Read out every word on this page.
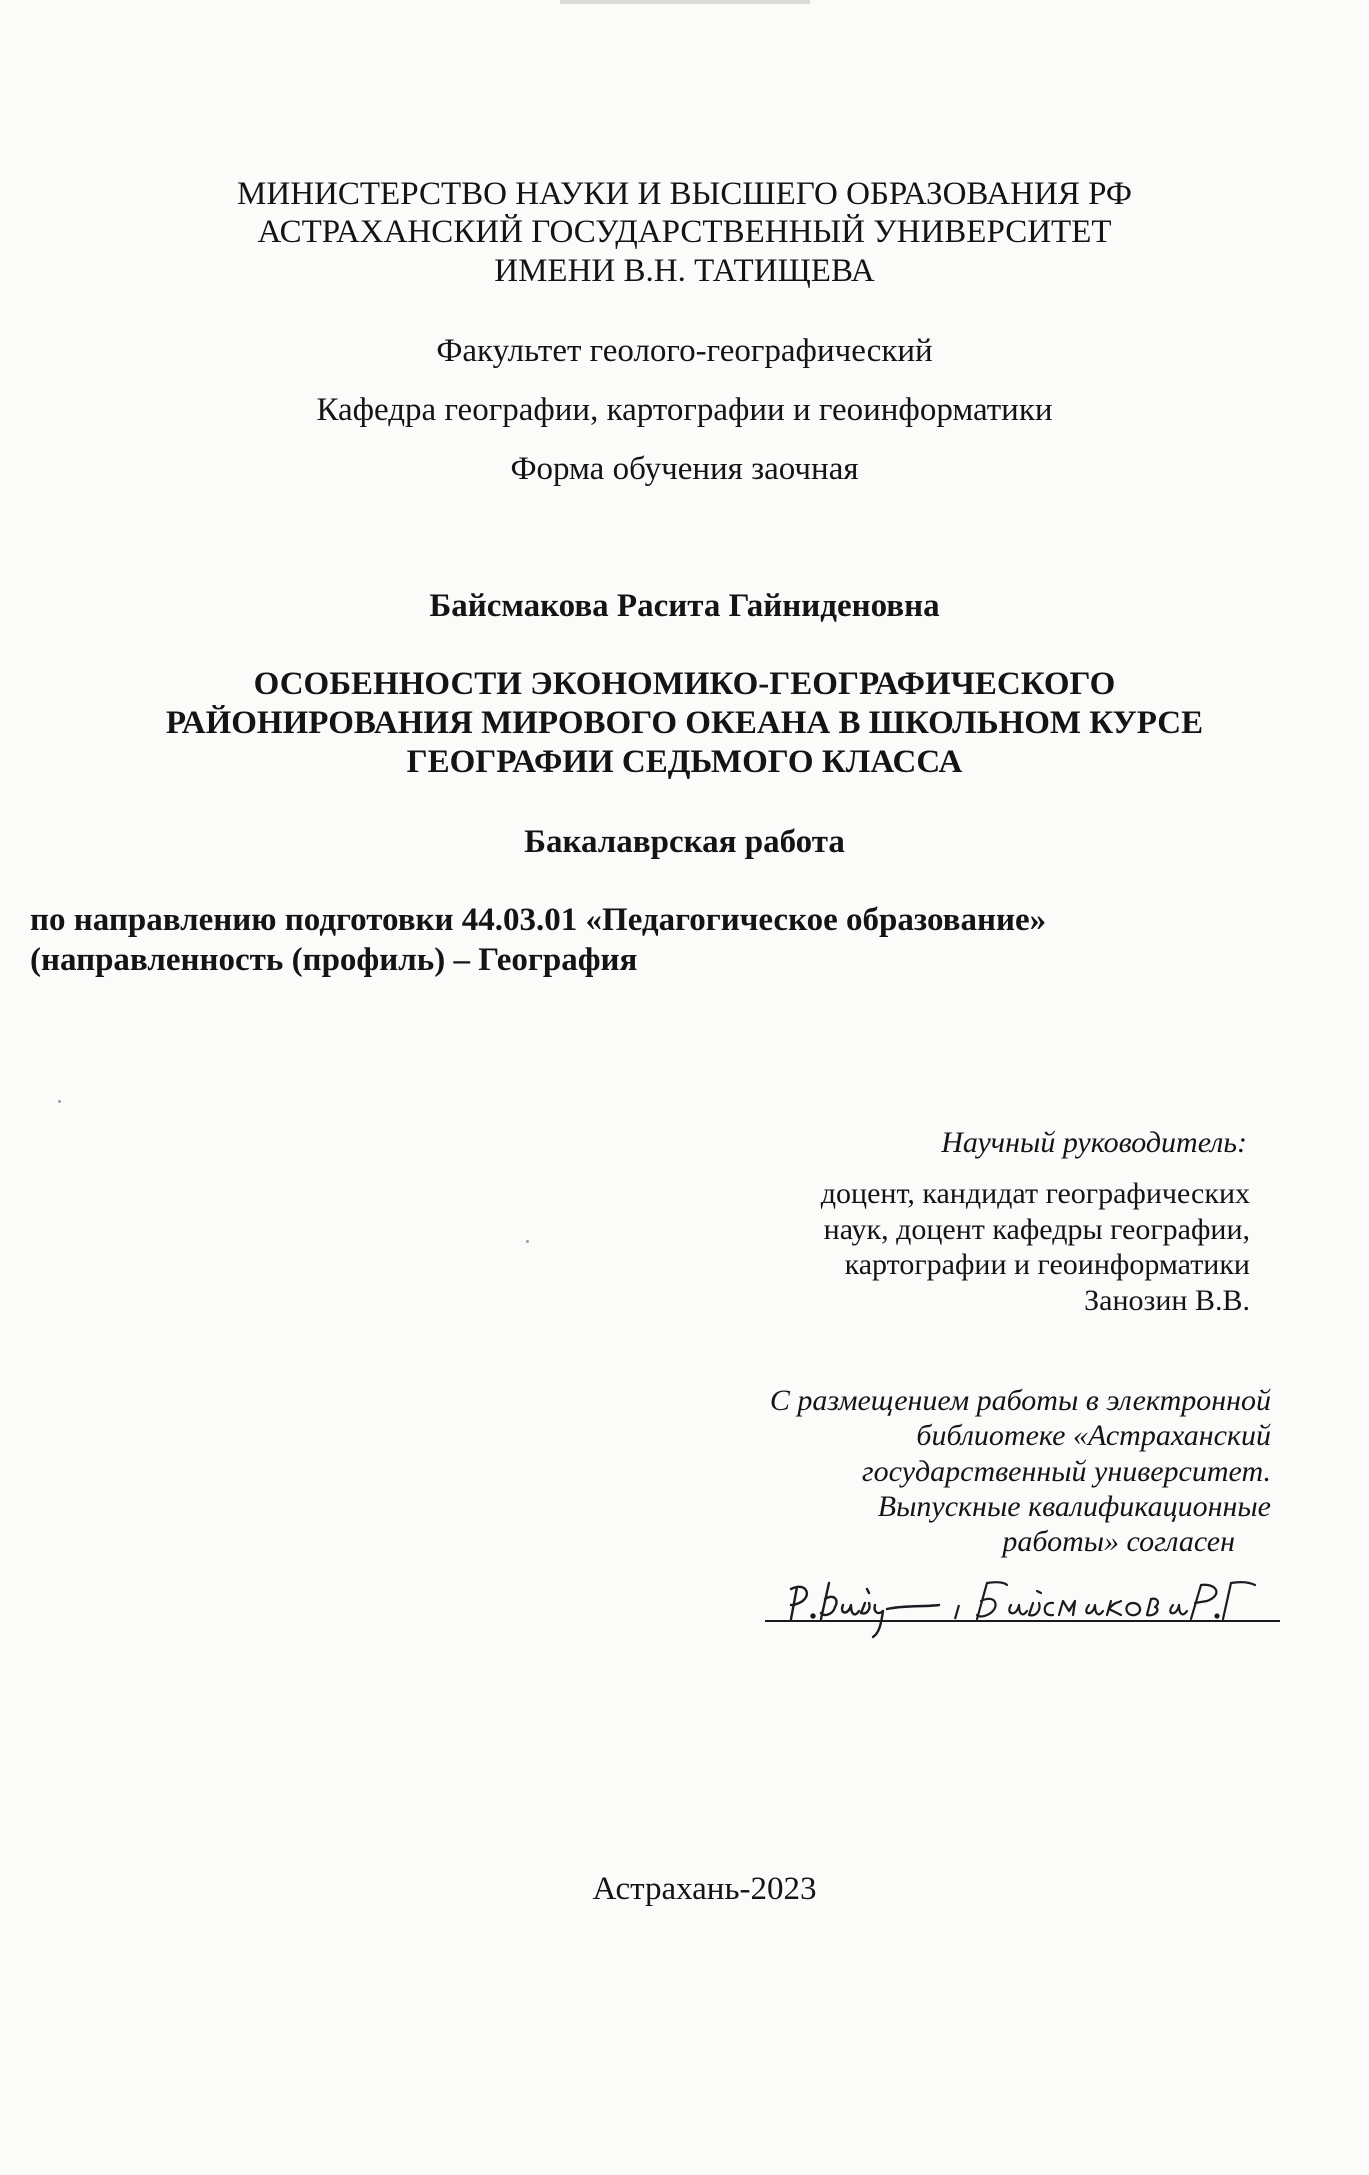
МИНИСТЕРСТВО НАУКИ И ВЫСШЕГО ОБРАЗОВАНИЯ РФ
АСТРАХАНСКИЙ ГОСУДАРСТВЕННЫЙ УНИВЕРСИТЕТ
ИМЕНИ В.Н. ТАТИЩЕВА
Факультет геолого-географический
Кафедра географии, картографии и геоинформатики
Форма обучения заочная
Байсмакова Расита Гайниденовна
ОСОБЕННОСТИ ЭКОНОМИКО-ГЕОГРАФИЧЕСКОГО
РАЙОНИРОВАНИЯ МИРОВОГО ОКЕАНА В ШКОЛЬНОМ КУРСЕ
ГЕОГРАФИИ СЕДЬМОГО КЛАССА
Бакалаврская работа
по направлению подготовки 44.03.01 «Педагогическое образование»
(направленность (профиль) – География
Научный руководитель:
доцент, кандидат географических
наук, доцент кафедры географии,
картографии и геоинформатики
Занозин В.В.
С размещением работы в электронной
библиотеке «Астраханский
государственный университет.
Выпускные квалификационные
работы» согласен
Астрахань-2023
